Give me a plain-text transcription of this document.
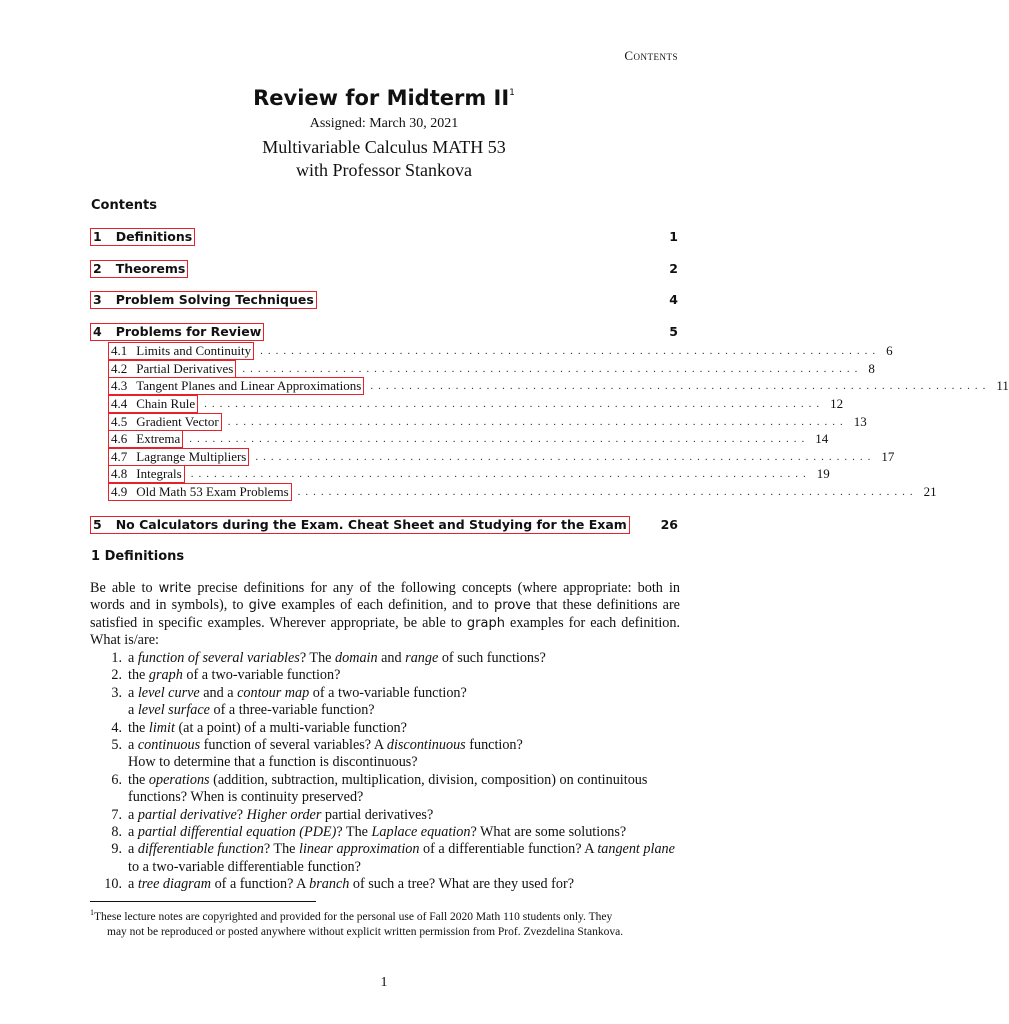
Contents
Review for Midterm $II^1$
Assigned: March 30, 2021
Multivariable Calculus MATH 53
with Professor Stankova
Contents
1 Definitions	1
2 Theorems	2
3 Problem Solving Techniques	4
4 Problems for Review	5
4.1 Limits and Continuity ................................................................................ 6
4.2 Partial Derivatives ................................................................................ 8
4.3 Tangent Planes and Linear Approximations ................................................................................ 11
4.4 Chain Rule ................................................................................ 12
4.5 Gradient Vector ................................................................................ 13
4.6 Extrema ................................................................................ 14
4.7 Lagrange Multipliers ................................................................................ 17
4.8 Integrals ................................................................................ 19
4.9 Old Math 53 Exam Problems ................................................................................ 21
5 No Calculators during the Exam. Cheat Sheet and Studying for the Exam	26
1 Definitions
Be able to write precise definitions for any of the following concepts (where appropriate: both in words and in symbols), to give examples of each definition, and to prove that these definitions are satisfied in specific examples. Wherever appropriate, be able to graph examples for each definition. What is/are:
1. a function of several variables? The domain and range of such functions?
2. the graph of a two-variable function?
3. a level curve and a contour map of a two-variable function?
a level surface of a three-variable function?
4. the limit (at a point) of a multi-variable function?
5. a continuous function of several variables? A discontinuous function?
How to determine that a function is discontinuous?
6. the operations (addition, subtraction, multiplication, division, composition) on continuitous functions? When is continuity preserved?
7. a partial derivative? Higher order partial derivatives?
8. a partial differential equation (PDE)? The Laplace equation? What are some solutions?
9. a differentiable function? The linear approximation of a differentiable function? A tangent plane to a two-variable differentiable function?
10. a tree diagram of a function? A branch of such a tree? What are they used for?
$^1$These lecture notes are copyrighted and provided for the personal use of Fall 2020 Math 110 students only. They
may not be reproduced or posted anywhere without explicit written permission from Prof. Zvezdelina Stankova.
1
